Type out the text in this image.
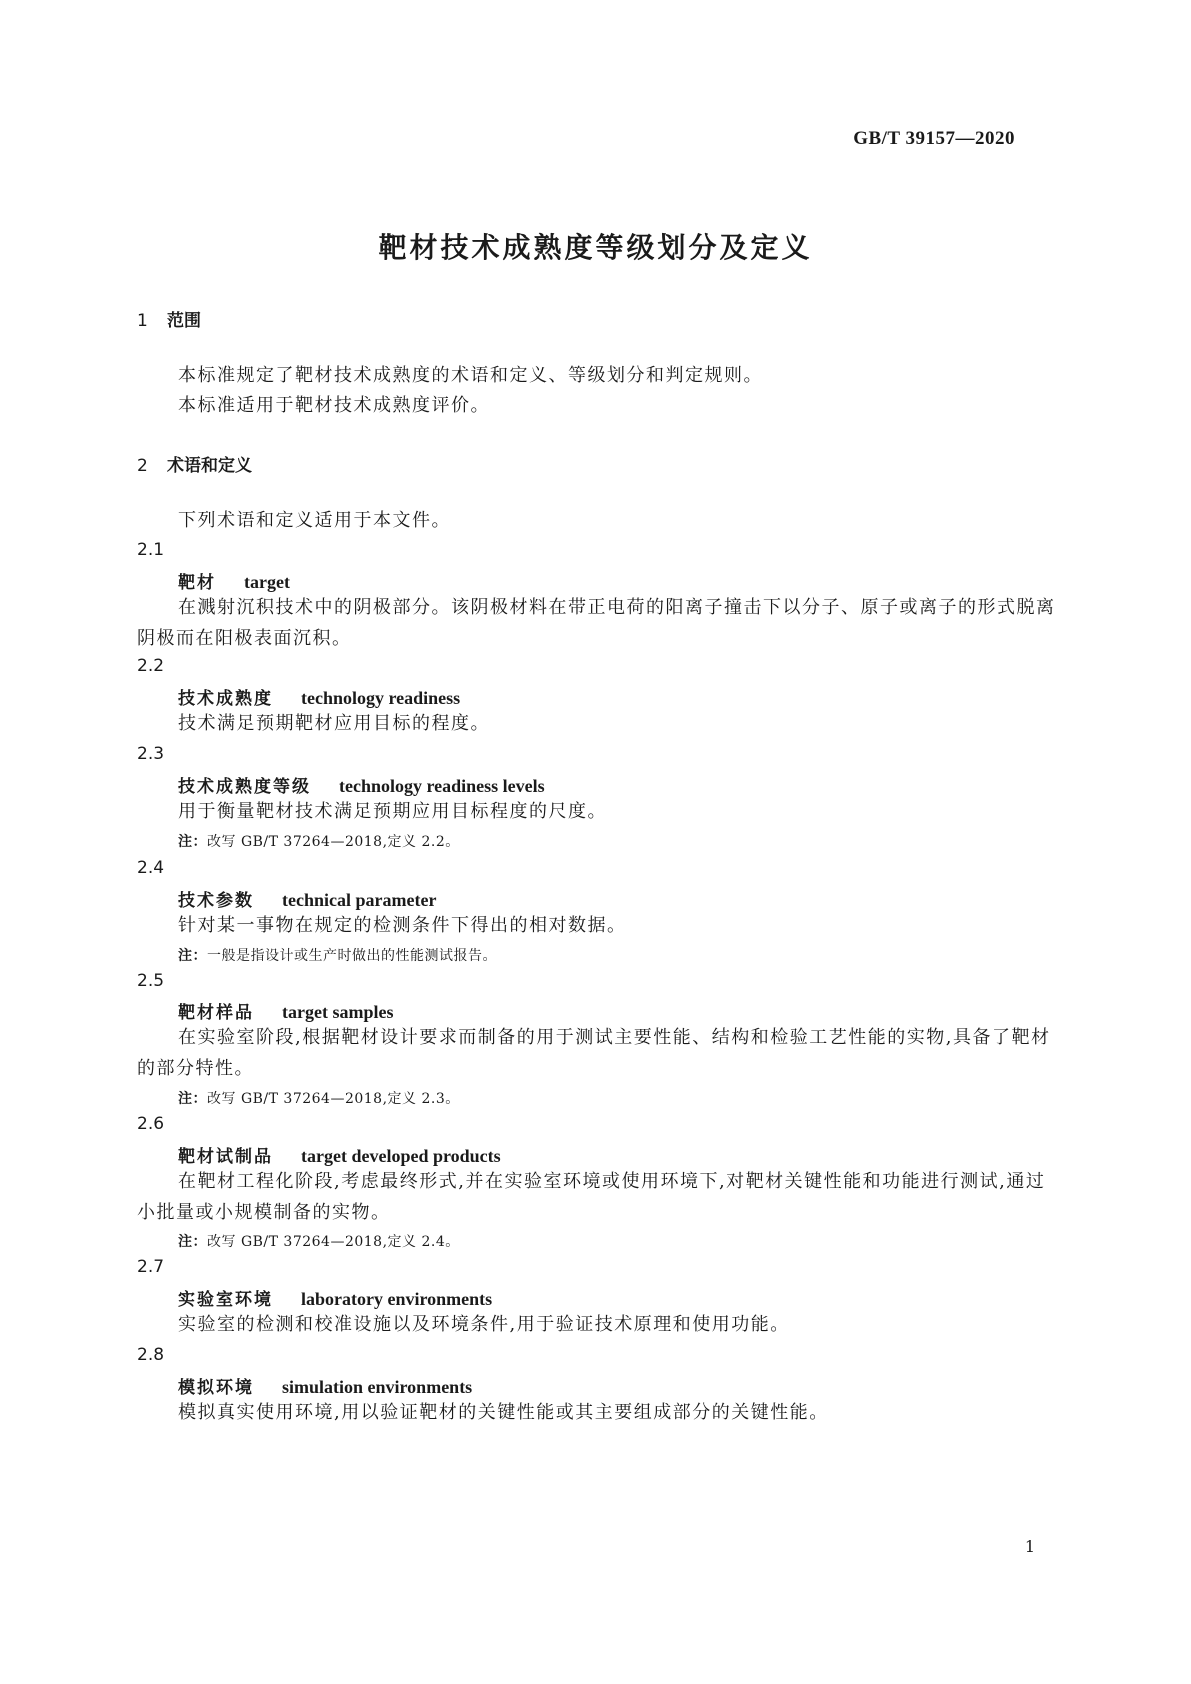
GB/T 39157—2020
靶材技术成熟度等级划分及定义
1 范围
本标准规定了靶材技术成熟度的术语和定义、等级划分和判定规则。
本标准适用于靶材技术成熟度评价。
2 术语和定义
下列术语和定义适用于本文件。
2.1
靶材 target
在溅射沉积技术中的阴极部分。该阴极材料在带正电荷的阳离子撞击下以分子、原子或离子的形式脱离阴极而在阳极表面沉积。
2.2
技术成熟度 technology readiness
技术满足预期靶材应用目标的程度。
2.3
技术成熟度等级 technology readiness levels
用于衡量靶材技术满足预期应用目标程度的尺度。
注：改写 GB/T 37264—2018,定义 2.2。
2.4
技术参数 technical parameter
针对某一事物在规定的检测条件下得出的相对数据。
注：一般是指设计或生产时做出的性能测试报告。
2.5
靶材样品 target samples
在实验室阶段,根据靶材设计要求而制备的用于测试主要性能、结构和检验工艺性能的实物,具备了靶材的部分特性。
注：改写 GB/T 37264—2018,定义 2.3。
2.6
靶材试制品 target developed products
在靶材工程化阶段,考虑最终形式,并在实验室环境或使用环境下,对靶材关键性能和功能进行测试,通过小批量或小规模制备的实物。
注：改写 GB/T 37264—2018,定义 2.4。
2.7
实验室环境 laboratory environments
实验室的检测和校准设施以及环境条件,用于验证技术原理和使用功能。
2.8
模拟环境 simulation environments
模拟真实使用环境,用以验证靶材的关键性能或其主要组成部分的关键性能。
1
